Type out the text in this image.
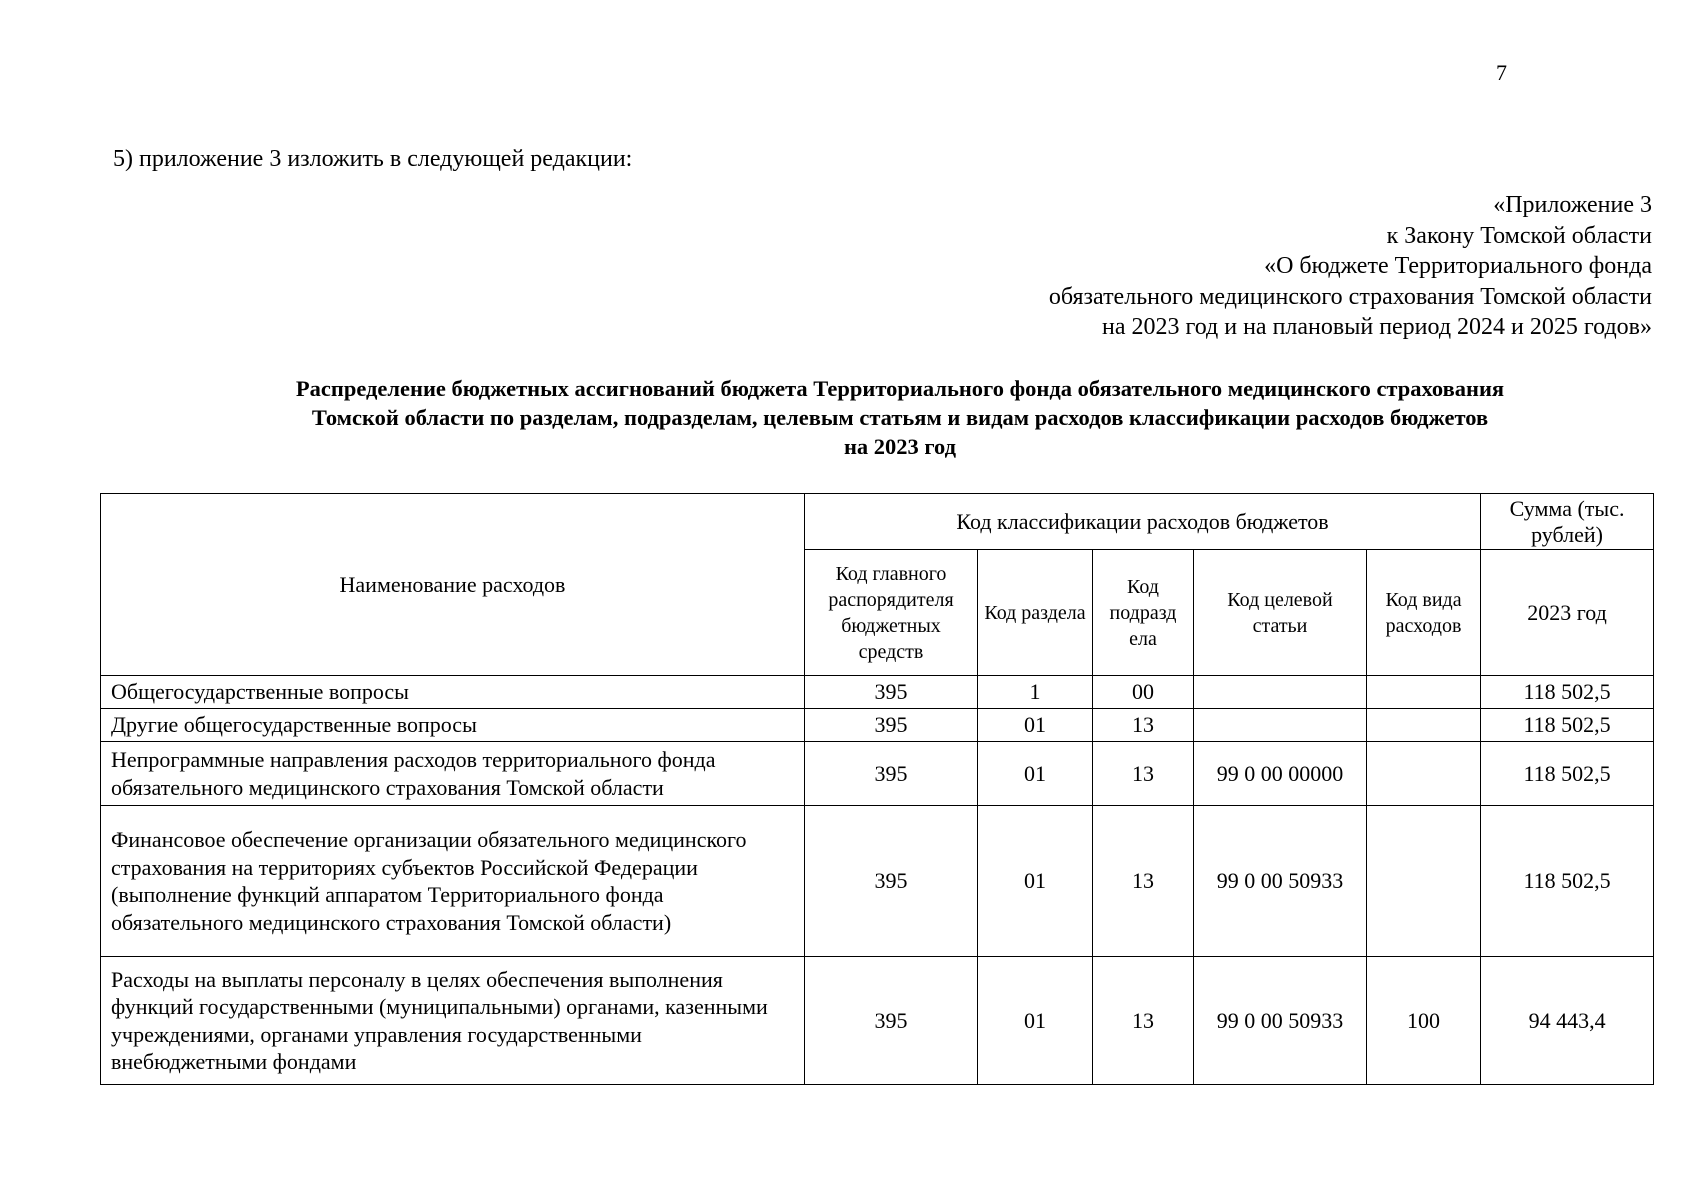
7
5) приложение 3 изложить в следующей редакции:
«Приложение 3
к Закону Томской области
«О бюджете Территориального фонда
обязательного медицинского страхования Томской области
на 2023 год и на плановый период 2024 и 2025 годов»
Распределение бюджетных ассигнований бюджета Территориального фонда обязательного медицинского страхования
Томской области по разделам, подразделам, целевым статьям и видам расходов классификации расходов бюджетов
на 2023 год
Наименование расходов	Код классификации расходов бюджетов					Сумма (тыс. рублей)
	Код главного распорядителя бюджетных средств	Код раздела	Код подразд ела	Код целевой статьи	Код вида расходов	2023 год
Общегосударственные вопросы	395	1	00			118 502,5
Другие общегосударственные вопросы	395	01	13			118 502,5
Непрограммные направления расходов территориального фонда обязательного медицинского страхования Томской области	395	01	13	99 0 00 00000		118 502,5
Финансовое обеспечение организации обязательного медицинского страхования на территориях субъектов Российской Федерации (выполнение функций аппаратом Территориального фонда обязательного медицинского страхования Томской области)	395	01	13	99 0 00 50933		118 502,5
Расходы на выплаты персоналу в целях обеспечения выполнения функций государственными (муниципальными) органами, казенными учреждениями, органами управления государственными внебюджетными фондами	395	01	13	99 0 00 50933	100	94 443,4
